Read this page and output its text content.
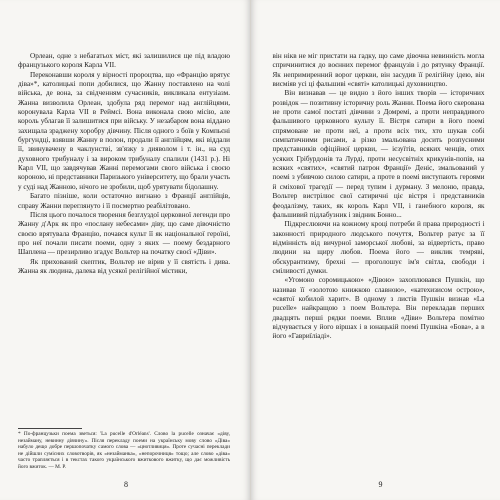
Орлеан, одне з небагатьох міст, які залишилися ще під владою французького короля Карла VII.

Переконавши короля у вірності пророцтва, що «Францію врятує діва»*, католицькі попи добилися, що Жанну поставлено на чолі війська, де вона, за свідченням сучасників, викликала ентузіазм. Жанна визволила Орлеан, здобула ряд перемог над англійцями, коронувала Карла VII в Реймсі. Вона виконала свою місію, але король ублагав її залишитися при війську. У незабаром вона віддано захищала зраджену хоробру дівчину. Після одного з боїв у Компьєні бургундці, взявши Жанну в полон, продали її англійцям, які віддали її, звинувачену в чаклунстві, зв'язку з дияволом і т. ін., на суд духовного трибуналу і за вироком трибуналу спалили (1431 р.). Ні Карл VII, що завдячував Жанні перемогами свого війська і своєю короною, ні представники Паризького університету, що брали участь у суді над Жанною, нічого не зробили, щоб урятувати бідолашну.

Багато пізніше, коли остаточно вигнано з Франції англійців, справу Жанни переглянуто і її посмертно реабілітовано.

Після цього почалося творення безглуздої церковної легенди про Жанну д'Арк як про «послану небесами» діву, що саме дівочністю своєю врятувала Францію, почався культ її як національної героїні, про неї почали писати поеми, одну з яких — поему бездарного Шаплена — презирливо згадує Вольтер на початку своєї «Діви».

Як прихований скептик, Вольтер не вірив у її святість і дива. Жанна як людина, далека від усякої релігійної містики,

* По-французьки поема зветься: 'La pucelle d'Orléans'. Слово la pucelle означає «діву, незайману, невинну дівчину». Після перекладу поеми на українську мову слово «Діва» набуло дещо добре першопочатку самого слова — «цнотливиця». Проте сучасні переклади не дійшли сумісних словотворів, як «незайманка», «непорочниця» тощо; але слово «діва» часто трапляється і в текстах такого українського вжиткового вжитку, що дає можливість його вжиток. — М. Р.

8

він нікв не міг пристати на гадку, що саме дівочна невинність могла спричинитися до воєнних перемог французів і до рятунку Франції. Як непримиренний ворог церкви, він засудив її релігійну ідею, він висміяв усі ці фальшиві «святі» католицькі духовництво.

Він визнавав — це видно з його інших творів — історичних розвідок — позитивну історичну роль Жанни. Поема його скерована не проти самої постаті дівчини з Домремі, а проти неправдивого фальшивого церковного культу її. Вістря сатири в його поемі спрямоване не проти неї, а проти всіх тих, хто шукав собі симпатичними рисами, а різко змальована досить розпусними представників офіційної церкви, — ієзуїтів, всяких ченців, отих усяких Грібурдонів та Лурді, проти несусвітніх крикунів-попів, на всяких «святих», «святий патрон Франції» Деніс, змальований у поемі з убивчою силою сатири, а проте в поемі виступають героями й сміхової трагедії — перед тупим і дурману. З мелоню, правда, Вольтер вистрілює свої сатиричні ціє вістря і представників феодалізму, таких, як король Карл VII, і ганебного короля, як фальшивий підлабузник і звідник Бонно...

Підкреслюючи на кожному кроці потреби й права природності і законності природного людського почуття, Вольтер ратує за її відмінність від вичурної заморської любові, за відвертість, право людини на щиру любов. Поема його — виклик темряві, обскурантизму, брехні — проголошує ім'я світла, свободи і сміливості думки.

«Угомоно соромицькою» «Дівою» захоплювався Пушкін, що називав її «золотою книжкою славною», «катехизисом острою», «святої кобилой харит». В одному з листів Пушкін визнав «La pucelle» найкращою з поем Вольтера. Він перекладав перших двадцять перші рядки поеми. Вплив «Діви» Вольтера помітно відчувається у його віршах і в юнацькій поемі Пушкіна «Бова», а в його «Гавриїліаді».

9
